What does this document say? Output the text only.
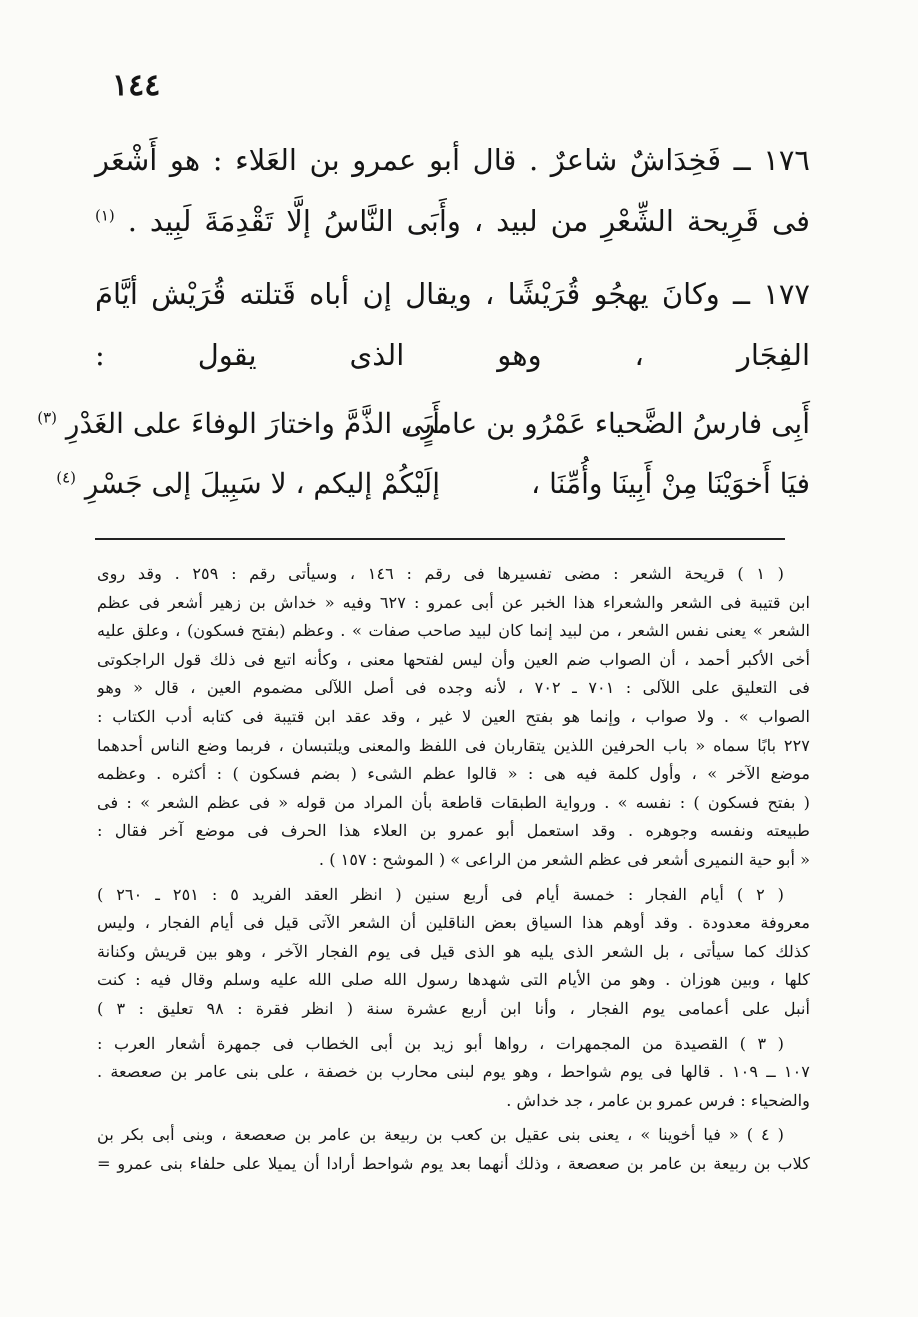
١٤٤

١٧٦ ــ فَخِدَاشٌ شاعرٌ . قال أبو عمرو بن العَلاء : هو أَشْعَر فى قَرِيحة الشِّعْرِ من لبيد ، وأَبَى النَّاسُ إلَّا تَقْدِمَةَ لَبِيد . $^{(١)}$

١٧٧ ــ وكانَ يهجُو قُرَيْشًا ، ويقال إن أباه قَتلته قُرَيْش أيَّامَ الفِجَار ، وهو الذى يقول :

أَبِى فارسُ الضَّحياء عَمْرُو بن عامرٍ ،
أَبَى الذَّمَّ واختارَ الوفاءَ على الغَدْرِ $^{(٣)}$
فيَا أَخوَيْنَا مِنْ أَبِينَا وأُمِّنَا ،
إلَيْكُمْ إليكم ، لا سَبِيلَ إلى جَسْرِ $^{(٤)}$

( ١ ) قريحة الشعر : مضى تفسيرها فى رقم : ١٤٦ ، وسيأتى رقم : ٢٥٩ . وقد روى
ابن قتيبة فى الشعر والشعراء هذا الخبر عن أبى عمرو : ٦٢٧ وفيه « خداش بن زهير أشعر فى عظم
الشعر » يعنى نفس الشعر ، من لبيد إنما كان لبيد صاحب صفات » . وعظم (بفتح فسكون) ، وعلق عليه
أخى الأكبر أحمد ، أن الصواب ضم العين وأن ليس لفتحها معنى ، وكأنه اتبع فى ذلك قول الراجكوتى
فى التعليق على اللآلى : ٧٠١ ـ ٧٠٢ ، لأنه وجده فى أصل اللآلى مضموم العين ، قال « وهو
الصواب » . ولا صواب ، وإنما هو بفتح العين لا غير ، وقد عقد ابن قتيبة فى كتابه أدب الكتاب :
٢٢٧ بابًا سماه « باب الحرفين اللذين يتقاربان فى اللفظ والمعنى ويلتبسان ، فربما وضع الناس أحدهما
موضع الآخر » ، وأول كلمة فيه هى : « قالوا عظم الشىء ( بضم فسكون ) : أكثره . وعظمه
( بفتح فسكون ) : نفسه » . ورواية الطبقات قاطعة بأن المراد من قوله « فى عظم الشعر » : فى
طبيعته ونفسه وجوهره . وقد استعمل أبو عمرو بن العلاء هذا الحرف فى موضع آخر فقال :
« أبو حية النميرى أشعر فى عظم الشعر من الراعى » ( الموشح : ١٥٧ ) .

( ٢ ) أيام الفجار : خمسة أيام فى أربع سنين ( انظر العقد الفريد ٥ : ٢٥١ ـ ٢٦٠ )
معروفة معدودة . وقد أوهم هذا السياق بعض الناقلين أن الشعر الآتى قيل فى أيام الفجار ، وليس
كذلك كما سيأتى ، بل الشعر الذى يليه هو الذى قيل فى يوم الفجار الآخر ، وهو بين قريش وكنانة
كلها ، وبين هوزان . وهو من الأيام التى شهدها رسول الله صلى الله عليه وسلم وقال فيه : كنت
أنبل على أعمامى يوم الفجار ، وأنا ابن أربع عشرة سنة ( انظر فقرة : ٩٨ تعليق : ٣ )

( ٣ ) القصيدة من المجمهرات ، رواها أبو زيد بن أبى الخطاب فى جمهرة أشعار العرب :
١٠٧ ــ ١٠٩ . قالها فى يوم شواحط ، وهو يوم لبنى محارب بن خصفة ، على بنى عامر بن صعصعة .
والضحياء : فرس عمرو بن عامر ، جد خداش .

( ٤ ) « فيا أخوينا » ، يعنى بنى عقيل بن كعب بن ربيعة بن عامر بن صعصعة ، وبنى أبى بكر بن
كلاب بن ربيعة بن عامر بن صعصعة ، وذلك أنهما بعد يوم شواحط أرادا أن يميلا على حلفاء بنى عمرو =
